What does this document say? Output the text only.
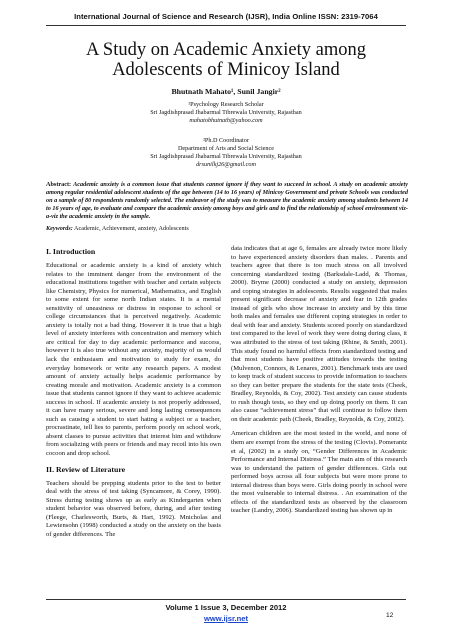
International Journal of Science and Research (IJSR), India Online ISSN: 2319-7064
A Study on Academic Anxiety among
Adolescents of Minicoy Island
Bhutnath Mahato¹, Sunil Jangir²
¹Psychology Research Scholar
Sri Jagdishprasad Jhabarmal Tibrewala University, Rajasthan
mahatobhutnath@yahoo.com
²Ph.D Coordinator
Department of Arts and Social Science
Sri Jagdishprasad Jhabarmal Tibrewala University, Rajasthan
drsunilkj26@gmail.com
Abstract: Academic anxiety is a common issue that students cannot ignore if they want to succeed in school. A study on academic anxiety among regular residential adolescent students of the age between (14 to 16 years) of Minicoy Government and private Schools was conducted on a sample of 80 respondents randomly selected. The endeavor of the study was to measure the academic anxiety among students between 14 to 16 years of age, to evaluate and compare the academic anxiety among boys and girls and to find the relationship of school environment viz-a-viz the academic anxiety in the sample.
Keywords: Academic, Achievement, anxiety, Adolescents
I. Introduction

Educational or academic anxiety is a kind of anxiety which relates to the imminent danger from the environment of the educational institutions together with teacher and certain subjects like Chemistry, Physics for numerical, Mathematics, and English to some extent for some north Indian states. It is a mental sensitivity of uneasiness or distress in response to school or college circumstances that is perceived negatively. Academic anxiety is totally not a bad thing. However it is true that a high level of anxiety interferes with concentration and memory which are critical for day to day academic performance and success, however it is also true without any anxiety, majority of us would lack the enthusiasm and motivation to study for exam, do everyday homework or write any research papers. A modest amount of anxiety actually helps academic performance by creating morale and motivation. Academic anxiety is a common issue that students cannot ignore if they want to achieve academic success in school. If academic anxiety is not properly addressed, it can have many serious, severe and long lasting consequences such as causing a student to start hating a subject or a teacher, procrastinate, tell lies to parents, perform poorly on school work, absent classes to pursue activities that interest him and withdraw from socializing with peers or friends and may recoil into his own cocoon and drop school.

II. Review of Literature

Teachers should be prepping students prior to the test to better deal with the stress of test taking (Syncamore, & Corey, 1990). Stress during testing shows up as early as Kindergarten when student behavior was observed before, during, and after testing (Fleege, Charlesworth, Burts, & Hart, 1992). Mnicholas and Lewiensohn (1998) conducted a study on the anxiety on the basis of gender differences. The

data indicates that at age 6, females are already twice more likely to have experienced anxiety disorders than males. . Parents and teachers agree that there is too much stress on all involved concerning standardized testing (Barksdale-Ladd, & Thomas, 2000). Bryme (2000) conducted a study on anxiety, depression and coping strategies in adolescents. Results suggested that males present significant decrease of anxiety and fear in 12th grades instead of girls who show increase in anxiety and by this time both males and females use different coping strategies in order to deal with fear and anxiety. Students scored poorly on standardized test compared to the level of work they were doing during class, it was attributed to the stress of test taking (Rhine, & Smith, 2001). This study found no harmful effects from standardized testing and that most students have positive attitudes towards the testing (Mulvenon, Connors, & Lenares, 2001). Benchmark tests are used to keep track of student success to provide information to teachers so they can better prepare the students for the state tests (Cheek, Bradley, Reynolds, & Coy, 2002). Test anxiety can cause students to rush though tests, so they end up doing poorly on them. It can also cause “achievement stress” that will continue to follow them on their academic path (Cheek, Bradley, Reynolds, & Coy, 2002).

American children are the most tested in the world, and none of them are exempt from the stress of the testing (Clovis). Pomerantz et al, (2002) in a study on, “Gender Differences in Academic Performance and Internal Distress.” The main aim of this research was to understand the pattern of gender differences. Girls out performed boys across all four subjects but were more prone to internal distress than boys were. Girls doing poorly in school were the most vulnerable to internal distress. . An examination of the effects of the standardized tests as observed by the classroom teacher (Landry, 2006). Standardized testing has shown up in

Volume 1 Issue 3, December 2012
www.ijsr.net	12
